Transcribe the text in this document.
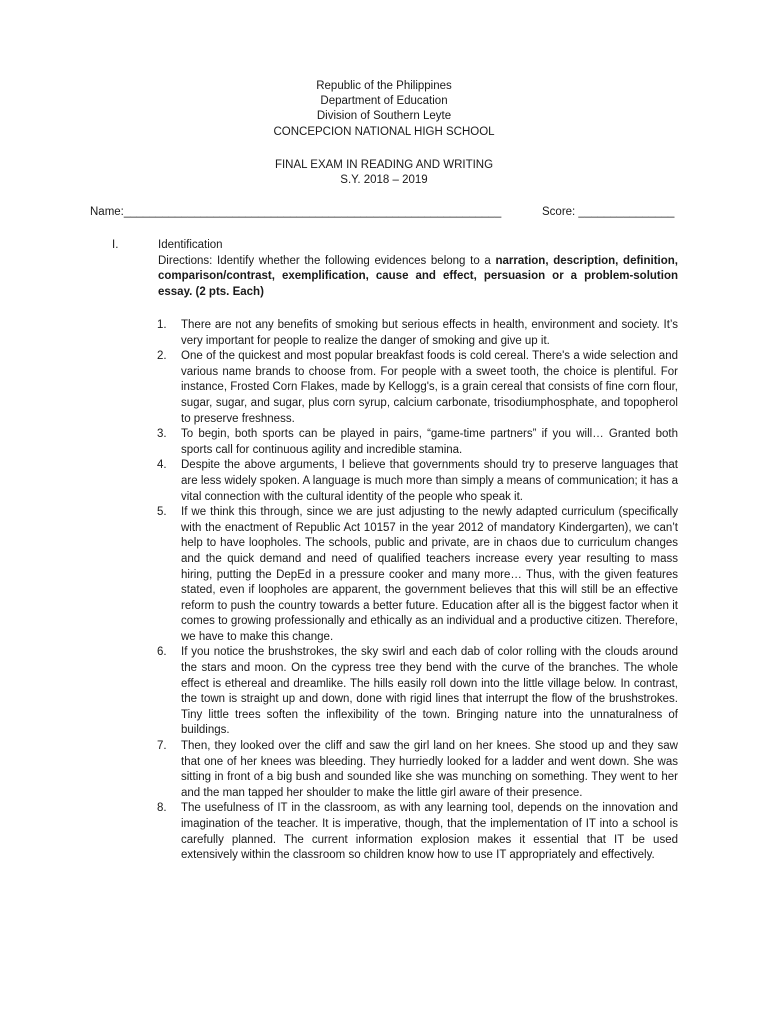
Republic of the Philippines
Department of Education
Division of Southern Leyte
CONCEPCION NATIONAL HIGH SCHOOL
FINAL EXAM IN READING AND WRITING
S.Y. 2018 – 2019
Name:___________________________________________________________	Score: _______________
I.	Identification

Directions: Identify whether the following evidences belong to a narration, description, definition, comparison/contrast, exemplification, cause and effect, persuasion or a problem-solution essay. (2 pts. Each)

1. There are not any benefits of smoking but serious effects in health, environment and society. It’s very important for people to realize the danger of smoking and give up it.
2. One of the quickest and most popular breakfast foods is cold cereal. There's a wide selection and various name brands to choose from. For people with a sweet tooth, the choice is plentiful. For instance, Frosted Corn Flakes, made by Kellogg's, is a grain cereal that consists of fine corn flour, sugar, sugar, and sugar, plus corn syrup, calcium carbonate, trisodiumphosphate, and topopherol to preserve freshness.
3. To begin, both sports can be played in pairs, “game-time partners” if you will… Granted both sports call for continuous agility and incredible stamina.
4. Despite the above arguments, I believe that governments should try to preserve languages that are less widely spoken. A language is much more than simply a means of communication; it has a vital connection with the cultural identity of the people who speak it.
5. If we think this through, since we are just adjusting to the newly adapted curriculum (specifically with the enactment of Republic Act 10157 in the year 2012 of mandatory Kindergarten), we can’t help to have loopholes. The schools, public and private, are in chaos due to curriculum changes and the quick demand and need of qualified teachers increase every year resulting to mass hiring, putting the DepEd in a pressure cooker and many more… Thus, with the given features stated, even if loopholes are apparent, the government believes that this will still be an effective reform to push the country towards a better future. Education after all is the biggest factor when it comes to growing professionally and ethically as an individual and a productive citizen. Therefore, we have to make this change.
6. If you notice the brushstrokes, the sky swirl and each dab of color rolling with the clouds around the stars and moon. On the cypress tree they bend with the curve of the branches. The whole effect is ethereal and dreamlike. The hills easily roll down into the little village below. In contrast, the town is straight up and down, done with rigid lines that interrupt the flow of the brushstrokes. Tiny little trees soften the inflexibility of the town. Bringing nature into the unnaturalness of buildings.
7. Then, they looked over the cliff and saw the girl land on her knees. She stood up and they saw that one of her knees was bleeding. They hurriedly looked for a ladder and went down. She was sitting in front of a big bush and sounded like she was munching on something. They went to her and the man tapped her shoulder to make the little girl aware of their presence.
8. The usefulness of IT in the classroom, as with any learning tool, depends on the innovation and imagination of the teacher. It is imperative, though, that the implementation of IT into a school is carefully planned. The current information explosion makes it essential that IT be used extensively within the classroom so children know how to use IT appropriately and effectively.
